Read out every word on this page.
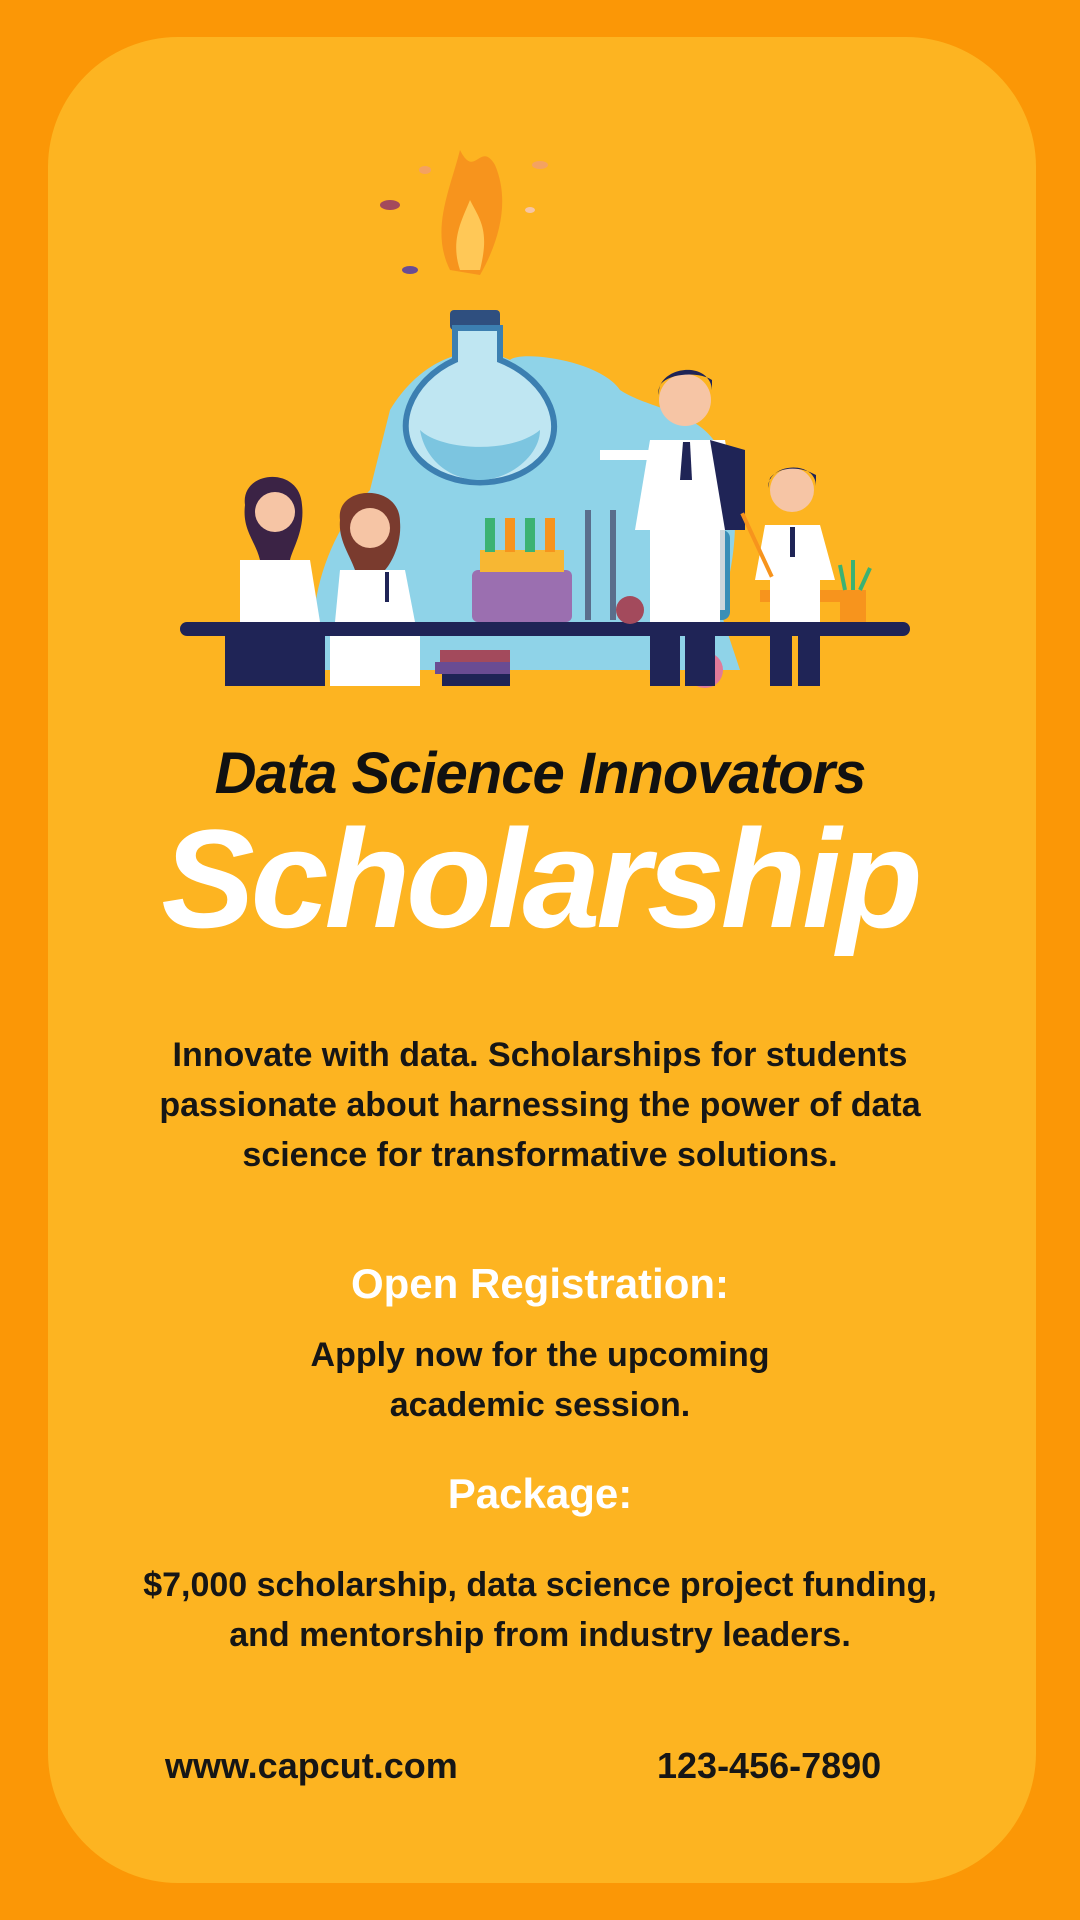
Data Science Innovators
Scholarship
Innovate with data. Scholarships for students passionate about harnessing the power of data science for transformative solutions.
Open Registration:
Apply now for the upcoming academic session.
Package:
$7,000 scholarship, data science project funding, and mentorship from industry leaders.
www.capcut.com	123-456-7890
